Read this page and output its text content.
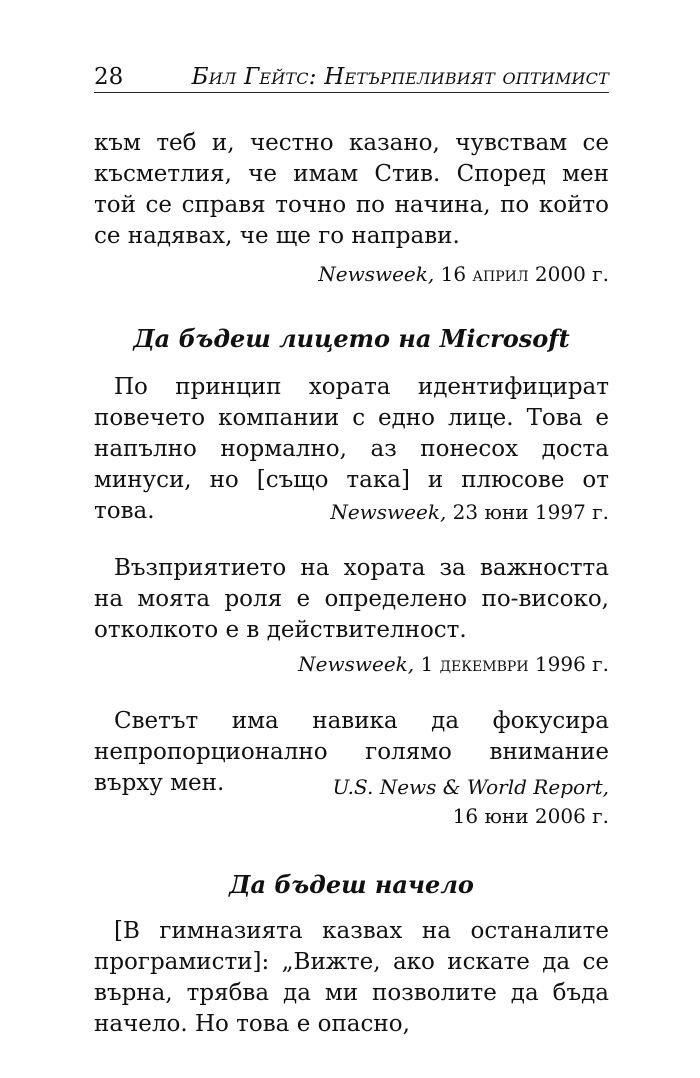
28	Бил Гейтс: Нетърпеливият оптимист

към теб и, честно казано, чувствам се късметлия, че имам Стив. Според мен той се справя точно по начина, по който се надявах, че ще го направи.

Newsweek, 16 април 2000 г.
Да бъдеш лицето на Microsoft

По принцип хората идентифицират повечето компании с едно лице. Това е напълно нормално, аз понесох доста минуси, но [също така] и плюсове от това.	Newsweek, 23 юни 1997 г.

Възприятието на хората за важността на моята роля е определено по-високо, отколкото е в действителност.

Newsweek, 1 декември 1996 г.

Светът има навика да фокусира непропорционално голямо внимание върху мен.	U.S. News & World Report,
16 юни 2006 г.
Да бъдеш начело

[В гимназията казвах на останалите програмисти]: „Вижте, ако искате да се върна, трябва да ми позволите да бъда начело. Но това е опасно,
